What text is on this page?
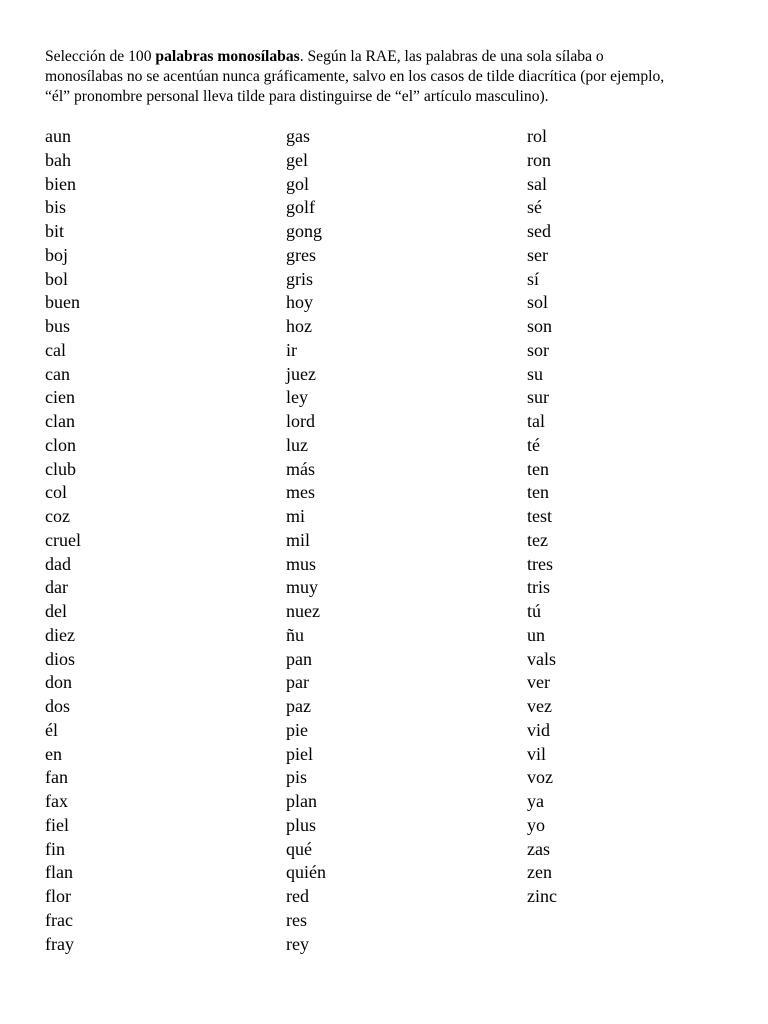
Selección de 100 palabras monosílabas. Según la RAE, las palabras de una sola sílaba o
monosílabas no se acentúan nunca gráficamente, salvo en los casos de tilde diacrítica (por ejemplo,
“él” pronombre personal lleva tilde para distinguirse de “el” artículo masculino).
aun
bah
bien
bis
bit
boj
bol
buen
bus
cal
can
cien
clan
clon
club
col
coz
cruel
dad
dar
del
diez
dios
don
dos
él
en
fan
fax
fiel
fin
flan
flor
frac
fray
gas
gel
gol
golf
gong
gres
gris
hoy
hoz
ir
juez
ley
lord
luz
más
mes
mi
mil
mus
muy
nuez
ñu
pan
par
paz
pie
piel
pis
plan
plus
qué
quién
red
res
rey
rol
ron
sal
sé
sed
ser
sí
sol
son
sor
su
sur
tal
té
ten
ten
test
tez
tres
tris
tú
un
vals
ver
vez
vid
vil
voz
ya
yo
zas
zen
zinc
